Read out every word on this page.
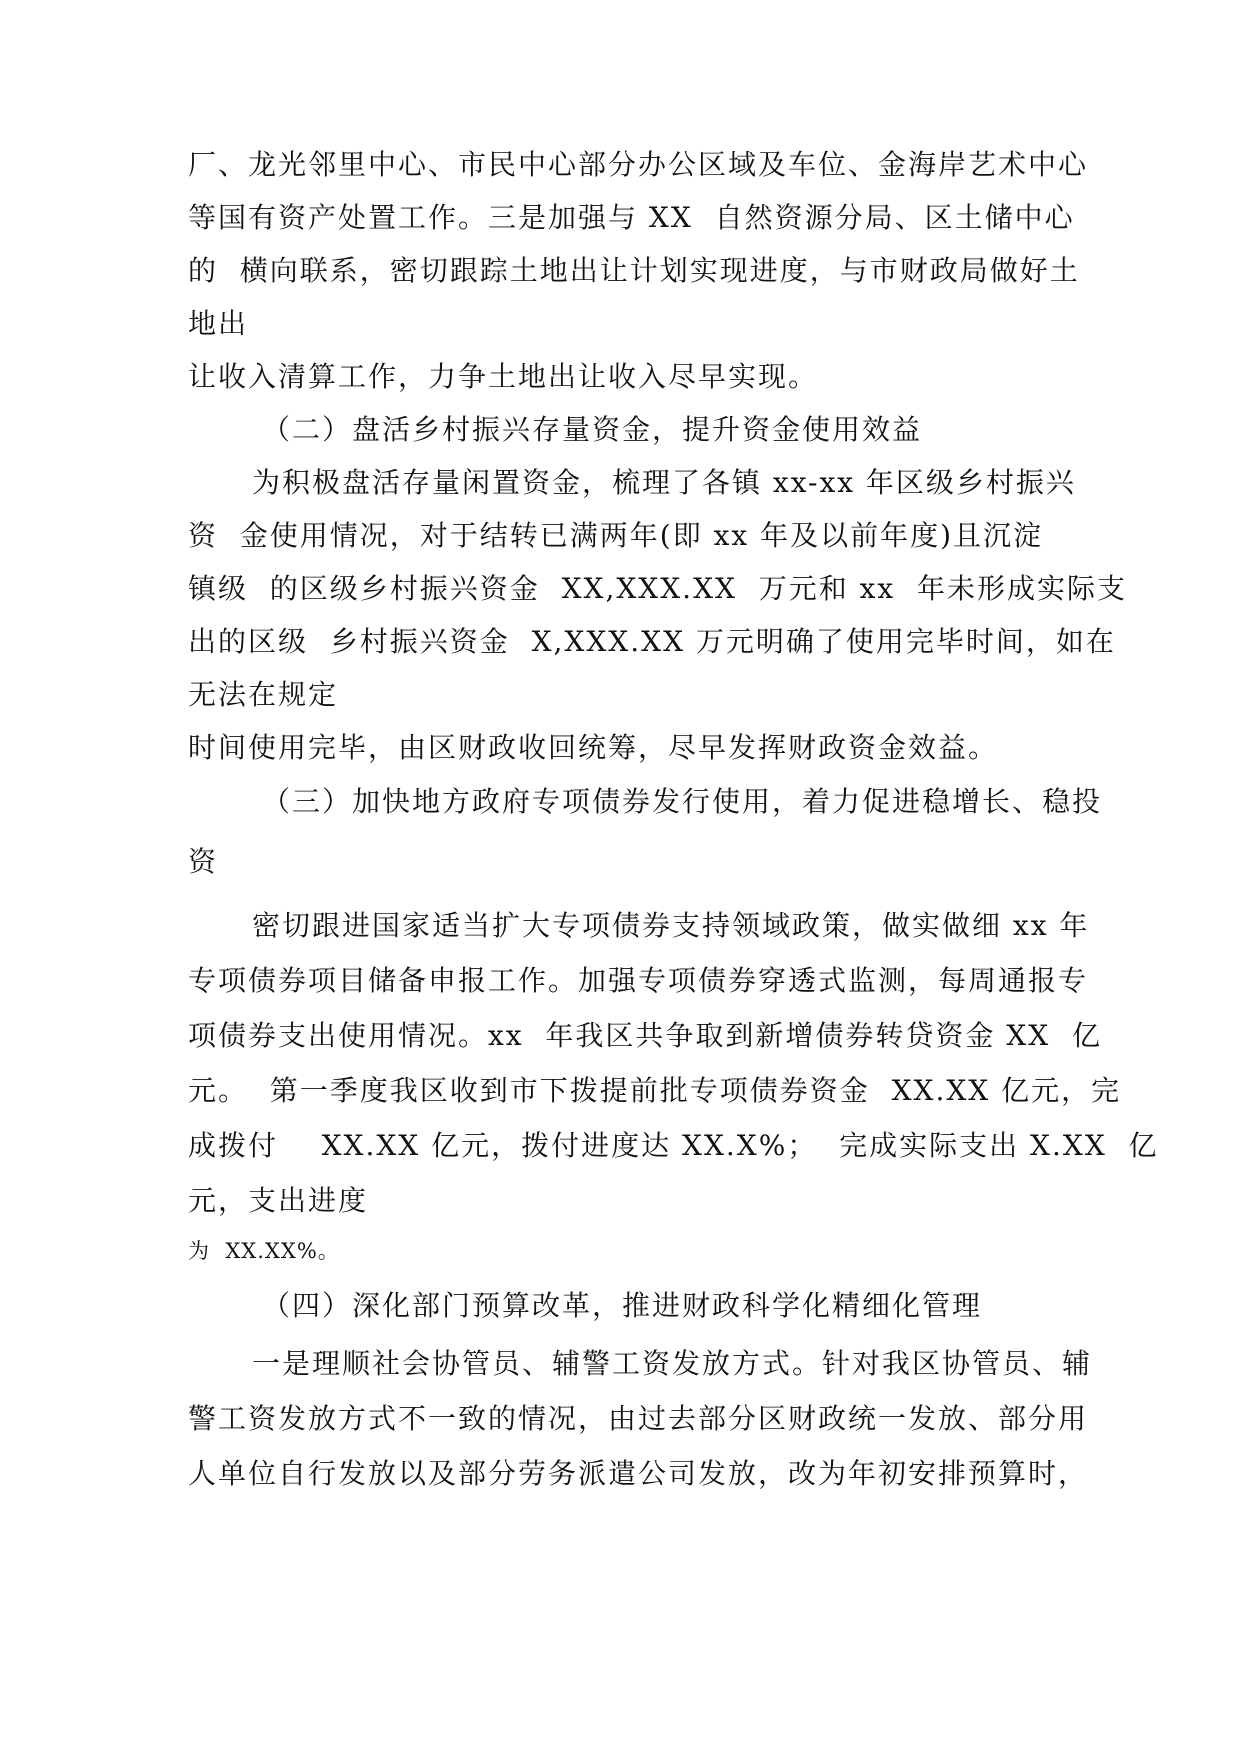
厂、龙光邻里中心、市民中心部分办公区域及车位、金海岸艺术中心
等国有资产处置工作。三是加强与 XX  自然资源分局、区土储中心
的  横向联系，密切跟踪土地出让计划实现进度，与市财政局做好土
地出
让收入清算工作，力争土地出让收入尽早实现。
（二）盘活乡村振兴存量资金，提升资金使用效益
为积极盘活存量闲置资金，梳理了各镇 xx-xx 年区级乡村振兴
资  金使用情况，对于结转已满两年(即 xx 年及以前年度)且沉淀
镇级  的区级乡村振兴资金  XX,XXX.XX  万元和 xx  年未形成实际支
出的区级  乡村振兴资金  X,XXX.XX 万元明确了使用完毕时间，如在
无法在规定
时间使用完毕，由区财政收回统筹，尽早发挥财政资金效益。
（三）加快地方政府专项债券发行使用，着力促进稳增长、稳投
资
密切跟进国家适当扩大专项债券支持领域政策，做实做细 xx 年
专项债券项目储备申报工作。加强专项债券穿透式监测，每周通报专
项债券支出使用情况。xx  年我区共争取到新增债券转贷资金 XX  亿
元。  第一季度我区收到市下拨提前批专项债券资金  XX.XX 亿元，完
成拨付    XX.XX 亿元，拨付进度达 XX.X%；  完成实际支出 X.XX  亿
元，支出进度
为  XX.XX%。
（四）深化部门预算改革，推进财政科学化精细化管理
一是理顺社会协管员、辅警工资发放方式。针对我区协管员、辅
警工资发放方式不一致的情况，由过去部分区财政统一发放、部分用
人单位自行发放以及部分劳务派遣公司发放，改为年初安排预算时，
